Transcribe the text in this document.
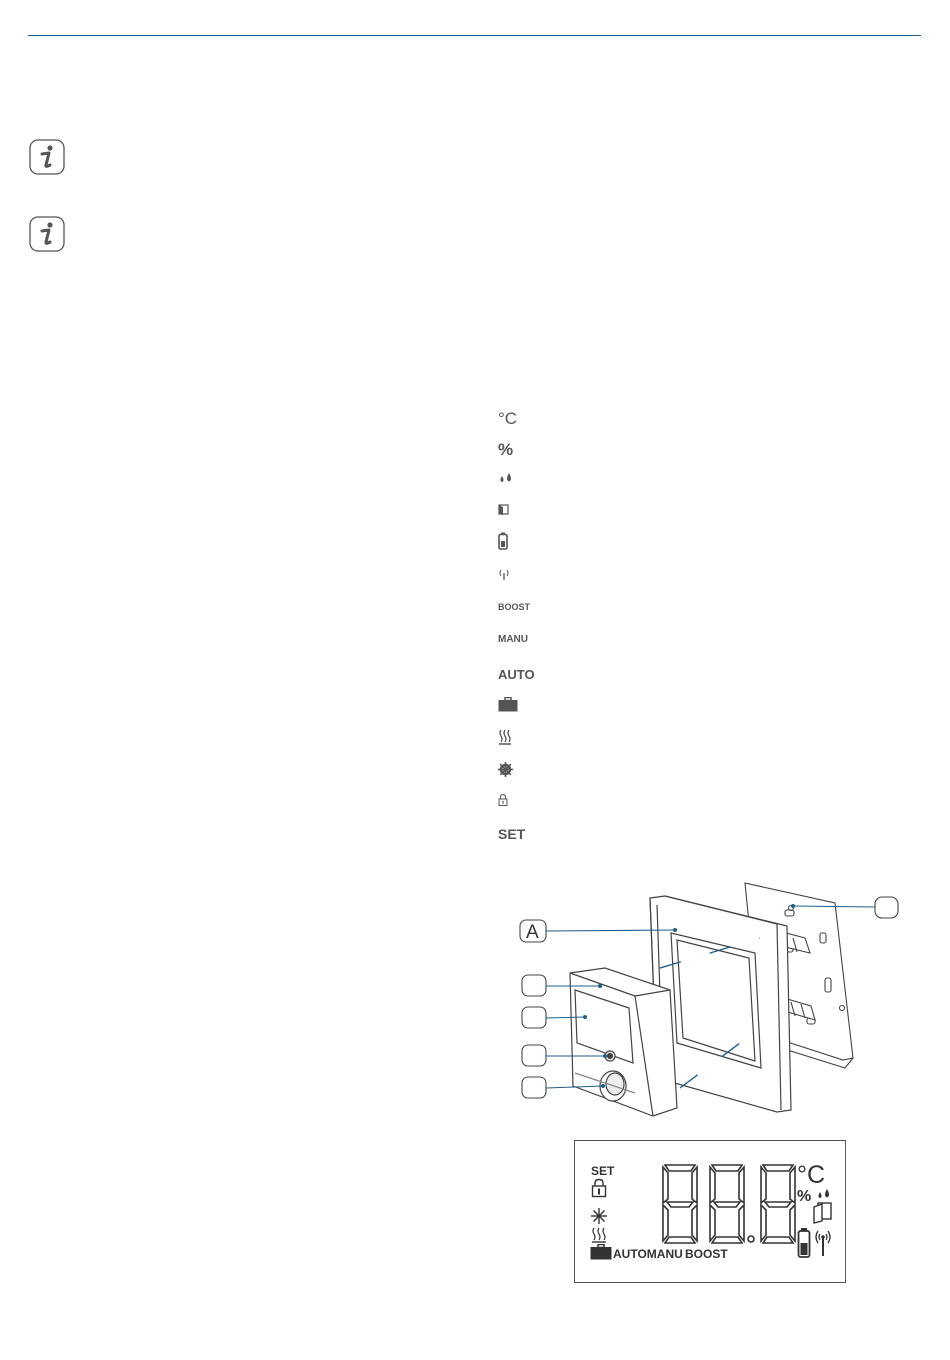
°C
%
BOOST
MANU
AUTO
SET
A
SET
AUTOMANU BOOST
°C
%
